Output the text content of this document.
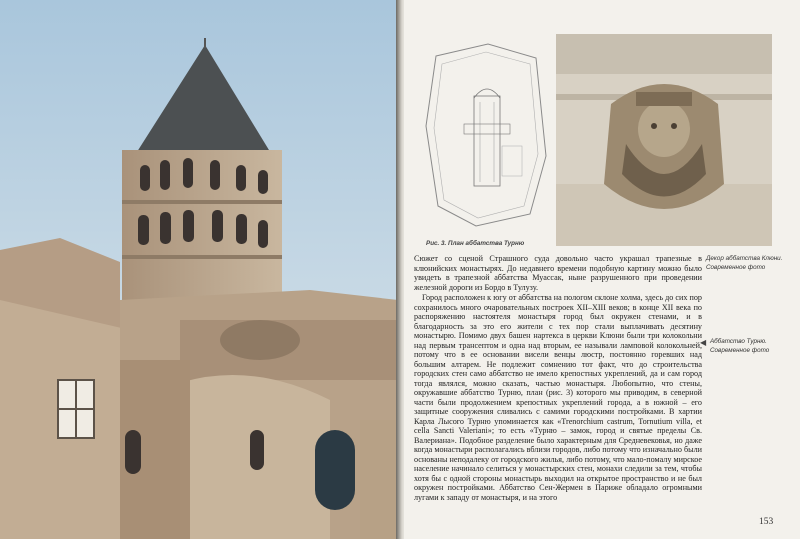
Рис. 3. План аббатства Турню
Декор аббатства Клюни. Современное фото
◀ Аббатство Турню. Современное фото

Сюжет со сценой Страшного суда довольно часто украшал трапезные в клюнийских монастырях. До недавнего времени подобную картину можно было увидеть в трапезной аббатства Муассак, ныне разрушенного при проведении железной дороги из Бордо в Тулузу.

Город расположен к югу от аббатства на пологом склоне холма, здесь до сих пор сохранилось много очаровательных построек XII–XIII веков; в конце XII века по распоряжению настоятеля монастыря город был окружен стенами, и в благодарность за это его жители с тех пор стали выплачивать десятину монастырю. Помимо двух башен нартекса в церкви Клюни были три колокольни над первым трансептом и одна над вторым, ее называли ламповой колокольней, потому что в ее основании висели венцы люстр, постоянно горевших над большим алтарем. Не подлежит сомнению тот факт, что до строительства городских стен само аббатство не имело крепостных укреплений, да и сам город тогда являлся, можно сказать, частью монастыря. Любопытно, что стены, окружавшие аббатство Турню, план (рис. 3) которого мы приводим, в северной части были продолжением крепостных укреплений города, а в южной – его защитные сооружения сливались с самими городскими постройками. В хартии Карла Лысого Турню упоминается как «Trenorchium castrum, Tornutium villa, et cella Sancti Valeriani»; то есть «Турню – замок, город и святые пределы Св. Валериана». Подобное разделение было характерным для Средневековья, но даже когда монастыри располагались вблизи городов, либо потому что изначально были основаны неподалеку от городского жилья, либо потому, что мало-помалу мирское население начинало селиться у монастырских стен, монахи следили за тем, чтобы хотя бы с одной стороны монастырь выходил на открытое пространство и не был окружен постройками. Аббатство Сен-Жермен в Париже обладало огромными лугами к западу от монастыря, и на этого

153
